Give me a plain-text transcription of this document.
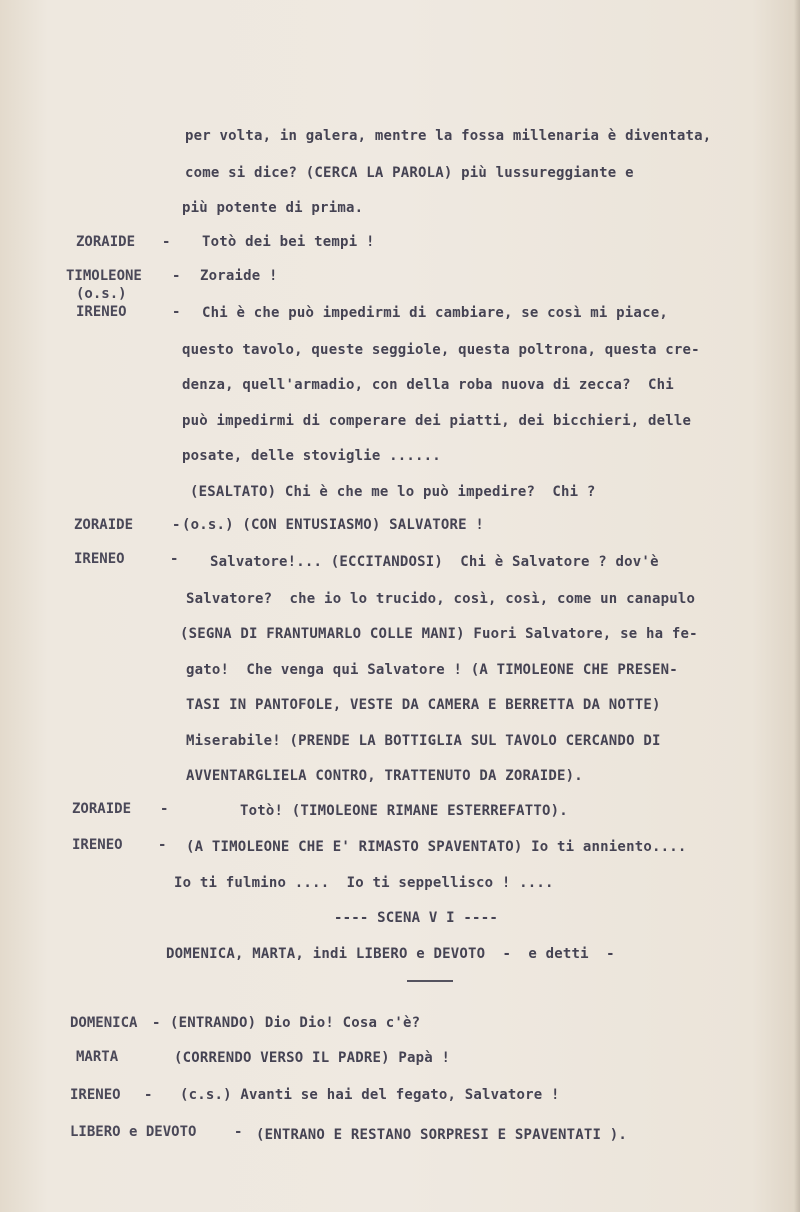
per volta, in galera, mentre la fossa millenaria è diventata,
come si dice? (CERCA LA PAROLA) più lussureggiante e
più potente di prima.
ZORAIDE - Totò dei bei tempi !
TIMOLEONE - Zoraide !
(o.s.)
IRENEO	- Chi è che può impedirmi di cambiare, se così mi piace,
questo tavolo, queste seggiole, questa poltrona, questa cre-
denza, quell'armadio, con della roba nuova di zecca?  Chi
può impedirmi di comperare dei piatti, dei bicchieri, delle
posate, delle stoviglie ......
(ESALTATO) Chi è che me lo può impedire?  Chi ?
ZORAIDE	- (o.s.) (CON ENTUSIASMO) SALVATORE !
IRENEO	- Salvatore!... (ECCITANDOSI)  Chi è Salvatore ? dov'è
Salvatore?  che io lo trucido, così, così, come un canapulo
(SEGNA DI FRANTUMARLO COLLE MANI) Fuori Salvatore, se ha fe-
gato!  Che venga qui Salvatore ! (A TIMOLEONE CHE PRESEN-
TASI IN PANTOFOLE, VESTE DA CAMERA E BERRETTA DA NOTTE)
Miserabile! (PRENDE LA BOTTIGLIA SUL TAVOLO CERCANDO DI
AVVENTARGLIELA CONTRO, TRATTENUTO DA ZORAIDE).
ZORAIDE -	Totò! (TIMOLEONE RIMANE ESTERREFATTO).
IRENEO	- (A TIMOLEONE CHE E' RIMASTO SPAVENTATO) Io ti anniento....
Io ti fulmino ....  Io ti seppellisco ! ....
---- SCENA V I ----
DOMENICA, MARTA, indi LIBERO e DEVOTO  -  e detti  -
DOMENICA - (ENTRANDO) Dio Dio! Cosa c'è?
MARTA	(CORRENDO VERSO IL PADRE) Papà !
IRENEO - (c.s.) Avanti se hai del fegato, Salvatore !
LIBERO e DEVOTO	- (ENTRANO E RESTANO SORPRESI E SPAVENTATI ).
